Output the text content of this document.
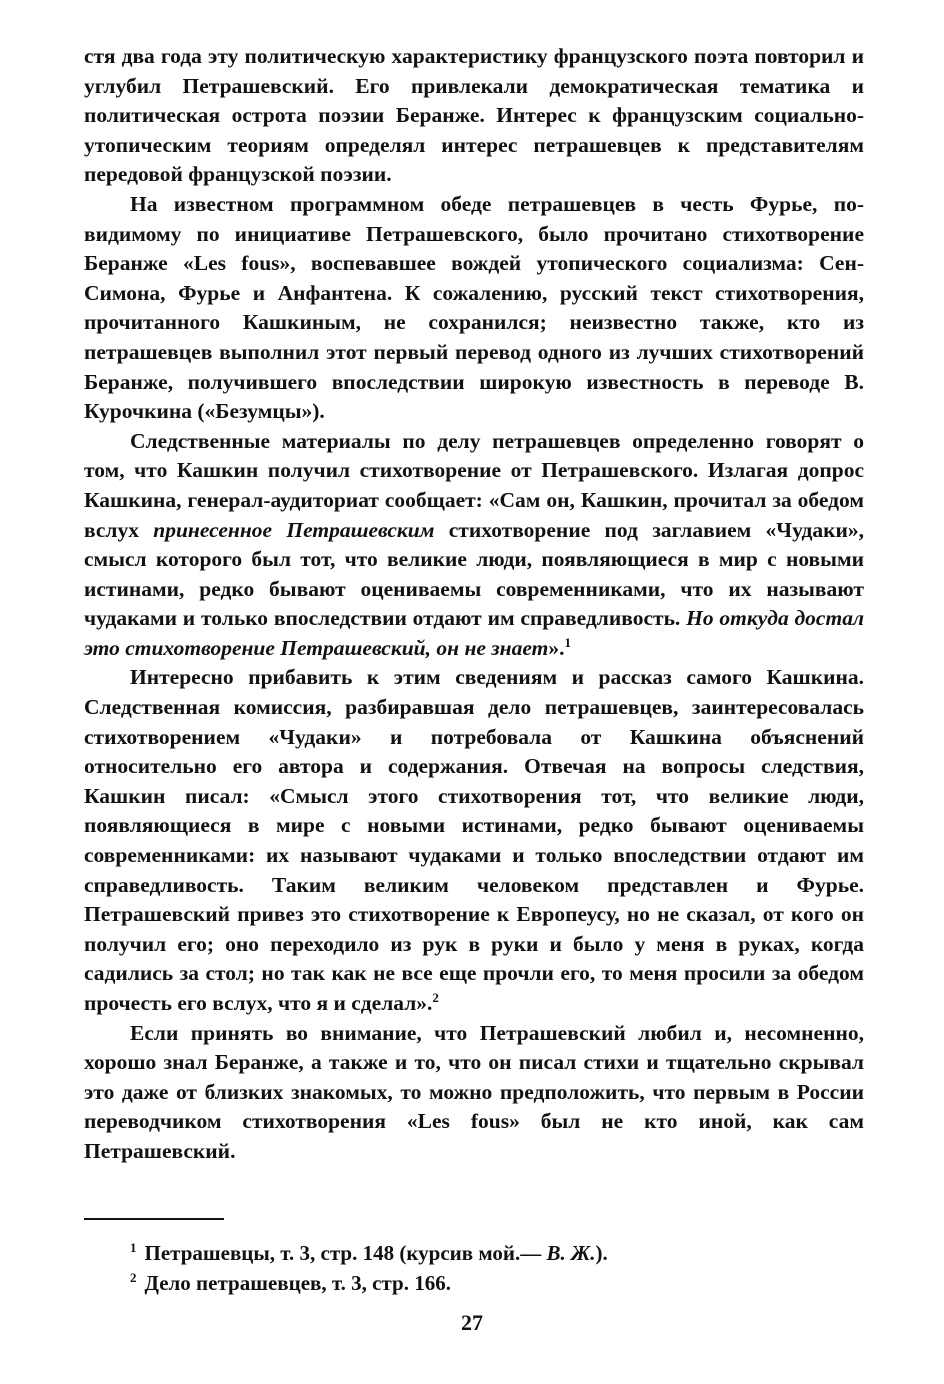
стя два года эту политическую характеристику французского поэта повторил и углубил Петрашевский. Его привлекали демократическая тематика и политическая острота поэзии Беранже. Интерес к французским социально-утопическим теориям определял интерес петрашевцев к представителям передовой французской поэзии.

На известном программном обеде петрашевцев в честь Фурье, по-видимому по инициативе Петрашевского, было прочитано стихотворение Беранже «Les fous», воспевавшее вождей утопического социализма: Сен-Симона, Фурье и Анфантена. К сожалению, русский текст стихотворения, прочитанного Кашкиным, не сохранился; неизвестно также, кто из петрашевцев выполнил этот первый перевод одного из лучших стихотворений Беранже, получившего впоследствии широкую известность в переводе В. Курочкина («Безумцы»).

Следственные материалы по делу петрашевцев определенно говорят о том, что Кашкин получил стихотворение от Петрашевского. Излагая допрос Кашкина, генерал-аудиториат сообщает: «Сам он, Кашкин, прочитал за обедом вслух принесенное Петрашевским стихотворение под заглавием «Чудаки», смысл которого был тот, что великие люди, появляющиеся в мир с новыми истинами, редко бывают оцениваемы современниками, что их называют чудаками и только впоследствии отдают им справедливость. Но откуда достал это стихотворение Петрашевский, он не знает».$^1$

Интересно прибавить к этим сведениям и рассказ самого Кашкина. Следственная комиссия, разбиравшая дело петрашевцев, заинтересовалась стихотворением «Чудаки» и потребовала от Кашкина объяснений относительно его автора и содержания. Отвечая на вопросы следствия, Кашкин писал: «Смысл этого стихотворения тот, что великие люди, появляющиеся в мире с новыми истинами, редко бывают оцениваемы современниками: их называют чудаками и только впоследствии отдают им справедливость. Таким великим человеком представлен и Фурье. Петрашевский привез это стихотворение к Европеусу, но не сказал, от кого он получил его; оно переходило из рук в руки и было у меня в руках, когда садились за стол; но так как не все еще прочли его, то меня просили за обедом прочесть его вслух, что я и сделал».$^2$

Если принять во внимание, что Петрашевский любил и, несомненно, хорошо знал Беранже, а также и то, что он писал стихи и тщательно скрывал это даже от близких знакомых, то можно предположить, что первым в России переводчиком стихотворения «Les fous» был не кто иной, как сам Петрашевский.

$^1$ Петрашевцы, т. 3, стр. 148 (курсив мой.— В. Ж.).

$^2$ Дело петрашевцев, т. 3, стр. 166.

27
